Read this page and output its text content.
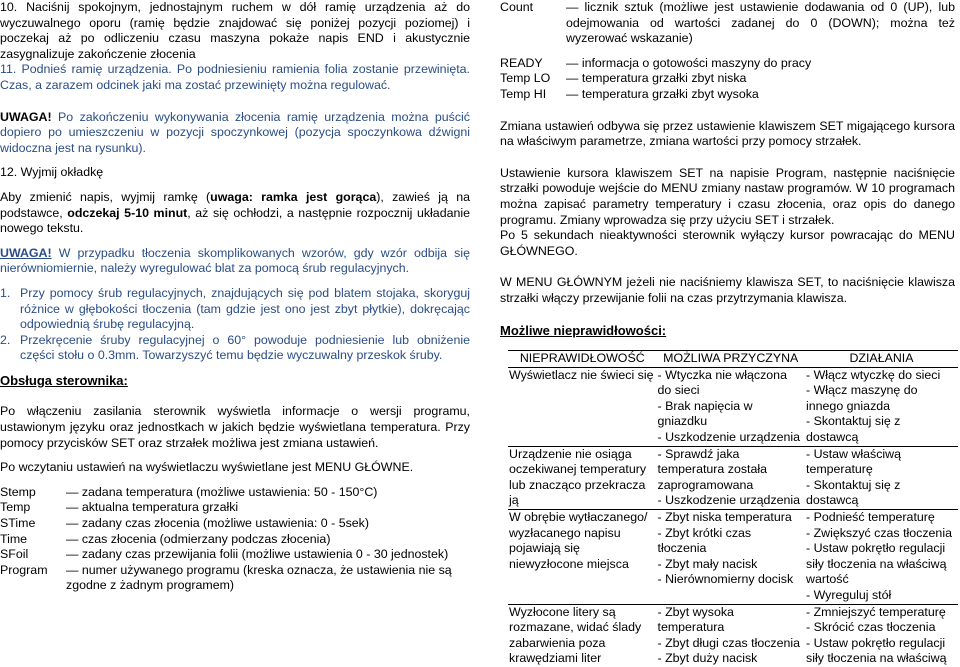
10. Naciśnij spokojnym, jednostajnym ruchem w dół ramię urządzenia aż do wyczuwalnego oporu (ramię będzie znajdować się poniżej pozycji poziomej) i poczekaj aż po odliczeniu czasu maszyna pokaże napis END i akustycznie zasygnalizuje zakończenie złocenia

11. Podnieś ramię urządzenia. Po podniesieniu ramienia folia zostanie przewinięta. Czas, a zarazem odcinek jaki ma zostać przewinięty można regulować.

UWAGA! Po zakończeniu wykonywania złocenia ramię urządzenia można puścić dopiero po umieszczeniu w pozycji spoczynkowej (pozycja spoczynkowa dźwigni widoczna jest na rysunku).

12. Wyjmij okładkę

Aby zmienić napis, wyjmij ramkę (uwaga: ramka jest gorąca), zawieś ją na podstawce, odczekaj 5-10 minut, aż się ochłodzi, a następnie rozpocznij układanie nowego tekstu.

UWAGA! W przypadku tłoczenia skomplikowanych wzorów, gdy wzór odbija się nierówniomiernie, należy wyregulować blat za pomocą śrub regulacyjnych.

1. Przy pomocy śrub regulacyjnych, znajdujących się pod blatem stojaka, skoryguj różnice w głębokości tłoczenia (tam gdzie jest ono jest zbyt płytkie), dokręcając odpowiednią śrubę regulacyjną.
2. Przekręcenie śruby regulacyjnej o 60° powoduje podniesienie lub obniżenie części stołu o 0.3mm. Towarzyszyć temu będzie wyczuwalny przeskok śruby.

Obsługa sterownika:

Po włączeniu zasilania sterownik wyświetla informacje o wersji programu, ustawionym języku oraz jednostkach w jakich będzie wyświetlana temperatura. Przy pomocy przycisków SET oraz strzałek możliwa jest zmiana ustawień.

Po wczytaniu ustawień na wyświetlaczu wyświetlane jest MENU GŁÓWNE.

Stemp	— zadana temperatura (możliwe ustawienia: 50 - 150°C)
Temp	— aktualna temperatura grzałki
STime	— zadany czas złocenia (możliwe ustawienia: 0 - 5sek)
Time	— czas złocenia (odmierzany podczas złocenia)
SFoil	— zadany czas przewijania folii (możliwe ustawienia 0 - 30 jednostek)
Program	— numer używanego programu (kreska oznacza, że ustawienia nie są zgodne z żadnym programem)
Count	— licznik sztuk (możliwe jest ustawienie dodawania od 0 (UP), lub odejmowania od wartości zadanej do 0 (DOWN); można też wyzerować wskazanie)
READY	— informacja o gotowości maszyny do pracy
Temp LO	— temperatura grzałki zbyt niska
Temp HI	— temperatura grzałki zbyt wysoka

Zmiana ustawień odbywa się przez ustawienie klawiszem SET migającego kursora na właściwym parametrze, zmiana wartości przy pomocy strzałek.

Ustawienie kursora klawiszem SET na napisie Program, następnie naciśnięcie strzałki powoduje wejście do MENU zmiany nastaw programów. W 10 programach można zapisać parametry temperatury i czasu złocenia, oraz opis do danego programu. Zmiany wprowadza się przy użyciu SET i strzałek.

Po 5 sekundach nieaktywności sterownik wyłączy kursor powracając do MENU GŁÓWNEGO.

W MENU GŁÓWNYM jeżeli nie naciśniemy klawisza SET, to naciśnięcie klawisza strzałki włączy przewijanie folii na czas przytrzymania klawisza.

Możliwe nieprawidłowości:

NIEPRAWIDŁOWOŚĆ	MOŻLIWA PRZYCZYNA	DZIAŁANIA

Wyświetlacz nie świeci się	- Wtyczka nie włączona do sieci
- Brak napięcia w gniazdku
- Uszkodzenie urządzenia	- Włącz wtyczkę do sieci
- Włącz maszynę do innego gniazda
- Skontaktuj się z dostawcą

Urządzenie nie osiąga oczekiwanej temperatury lub znacząco przekracza ją	- Sprawdź jaka temperatura została zaprogramowana
- Uszkodzenie urządzenia	- Ustaw właściwą temperaturę
- Skontaktuj się z dostawcą

W obrębie wytłaczanego/ wyzłacanego napisu pojawiają się niewyzłocone miejsca	- Zbyt niska temperatura
- Zbyt krótki czas tłoczenia
- Zbyt mały nacisk
- Nierównomierny docisk	- Podnieść temperaturę
- Zwiększyć czas tłoczenia
- Ustaw pokrętło regulacji siły tłoczenia na właściwą wartość
- Wyreguluj stół

Wyzłocone litery są rozmazane, widać ślady zabarwienia poza krawędziami liter	- Zbyt wysoka temperatura
- Zbyt długi czas tłoczenia
- Zbyt duży nacisk	- Zmniejszyć temperaturę
- Skrócić czas tłoczenia
- Ustaw pokrętło regulacji siły tłoczenia na właściwą
